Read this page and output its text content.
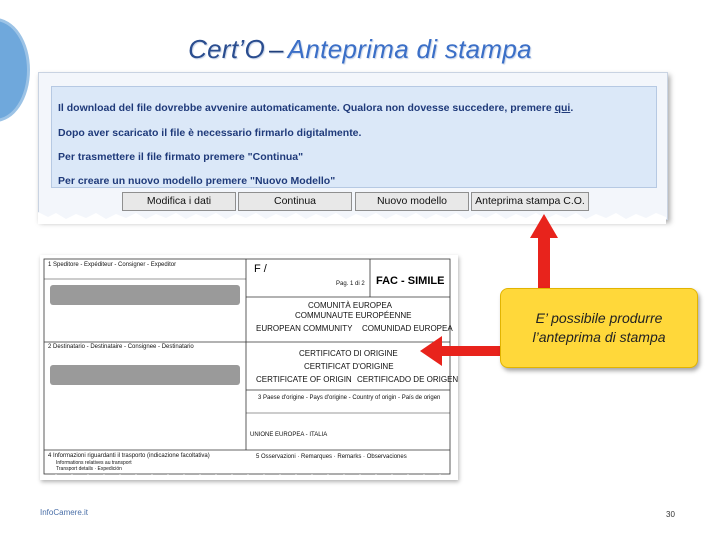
Cert’O – Anteprima di stampa
Il download del file dovrebbe avvenire automaticamente. Qualora non dovesse succedere, premere qui.
Dopo aver scaricato il file è necessario firmarlo digitalmente.
Per trasmettere il file firmato premere "Continua"
Per creare un nuovo modello premere "Nuovo Modello"
Modifica i dati	Continua	Nuovo modello	Anteprima stampa C.O.
1 Speditore - Expéditeur - Consigner - Expeditor	F /
Pag. 1 di 2 FAC - SIMILE
COMUNITÀ EUROPEA
COMMUNAUTE EUROPÉENNE
EUROPEAN COMMUNITY COMUNIDAD EUROPEA
2 Destinatario - Destinataire - Consignee - Destinatario
CERTIFICATO DI ORIGINE
CERTIFICAT D'ORIGINE
CERTIFICATE OF ORIGIN CERTIFICADO DE ORIGEN
3 Paese d'origine - Pays d'origine - Country of origin - País de origen
UNIONE EUROPEA - ITALIA
4 Informazioni riguardanti il trasporto (indicazione facoltativa)
Informations relatives au transport
Transport details · Expedición
5 Osservazioni · Remarques · Remarks · Observaciones
E’ possibile produrre
l’anteprima di stampa
InfoCamere.it	30
